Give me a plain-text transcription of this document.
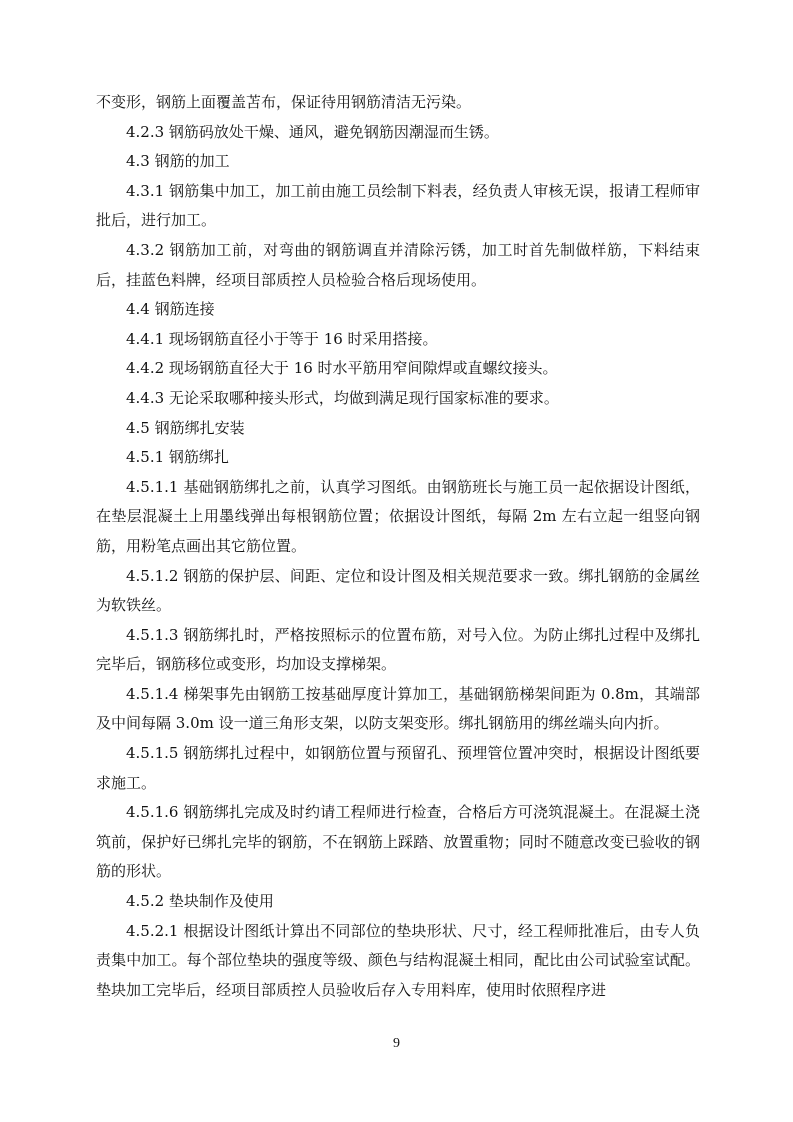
不变形，钢筋上面覆盖苫布，保证待用钢筋清洁无污染。

4.2.3 钢筋码放处干燥、通风，避免钢筋因潮湿而生锈。

4.3 钢筋的加工

4.3.1 钢筋集中加工，加工前由施工员绘制下料表，经负责人审核无误，报请工程师审批后，进行加工。

4.3.2 钢筋加工前，对弯曲的钢筋调直并清除污锈，加工时首先制做样筋，下料结束后，挂蓝色料牌，经项目部质控人员检验合格后现场使用。

4.4 钢筋连接

4.4.1 现场钢筋直径小于等于 16 时采用搭接。

4.4.2 现场钢筋直径大于 16 时水平筋用窄间隙焊或直螺纹接头。

4.4.3 无论采取哪种接头形式，均做到满足现行国家标准的要求。

4.5 钢筋绑扎安装

4.5.1 钢筋绑扎

4.5.1.1 基础钢筋绑扎之前，认真学习图纸。由钢筋班长与施工员一起依据设计图纸，在垫层混凝土上用墨线弹出每根钢筋位置；依据设计图纸，每隔 2m 左右立起一组竖向钢筋，用粉笔点画出其它筋位置。

4.5.1.2 钢筋的保护层、间距、定位和设计图及相关规范要求一致。绑扎钢筋的金属丝为软铁丝。

4.5.1.3 钢筋绑扎时，严格按照标示的位置布筋，对号入位。为防止绑扎过程中及绑扎完毕后，钢筋移位或变形，均加设支撑梯架。

4.5.1.4 梯架事先由钢筋工按基础厚度计算加工，基础钢筋梯架间距为 0.8m，其端部及中间每隔 3.0m 设一道三角形支架，以防支架变形。绑扎钢筋用的绑丝端头向内折。

4.5.1.5 钢筋绑扎过程中，如钢筋位置与预留孔、预埋管位置冲突时，根据设计图纸要求施工。

4.5.1.6 钢筋绑扎完成及时约请工程师进行检查，合格后方可浇筑混凝土。在混凝土浇筑前，保护好已绑扎完毕的钢筋，不在钢筋上踩踏、放置重物；同时不随意改变已验收的钢筋的形状。

4.5.2 垫块制作及使用

4.5.2.1 根据设计图纸计算出不同部位的垫块形状、尺寸，经工程师批准后，由专人负责集中加工。每个部位垫块的强度等级、颜色与结构混凝土相同，配比由公司试验室试配。垫块加工完毕后，经项目部质控人员验收后存入专用料库，使用时依照程序进

9
